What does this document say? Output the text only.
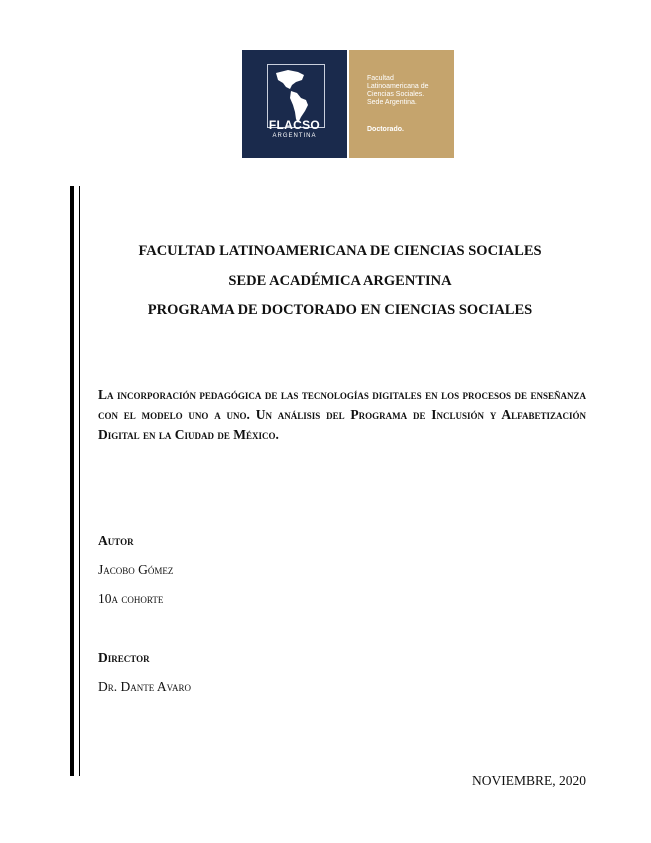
FLACSO
ARGENTINA
Facultad
Latinoamericana de
Ciencias Sociales.
Sede Argentina.
Doctorado.
FACULTAD LATINOAMERICANA DE CIENCIAS SOCIALES
SEDE ACADÉMICA ARGENTINA
PROGRAMA DE DOCTORADO EN CIENCIAS SOCIALES
La incorporación pedagógica de las tecnologías digitales en los procesos de enseñanza con el modelo uno a uno. Un análisis del Programa de Inclusión y Alfabetización Digital en la Ciudad de México.
Autor
Jacobo Gómez
10a cohorte
Director
Dr. Dante Avaro
NOVIEMBRE, 2020
